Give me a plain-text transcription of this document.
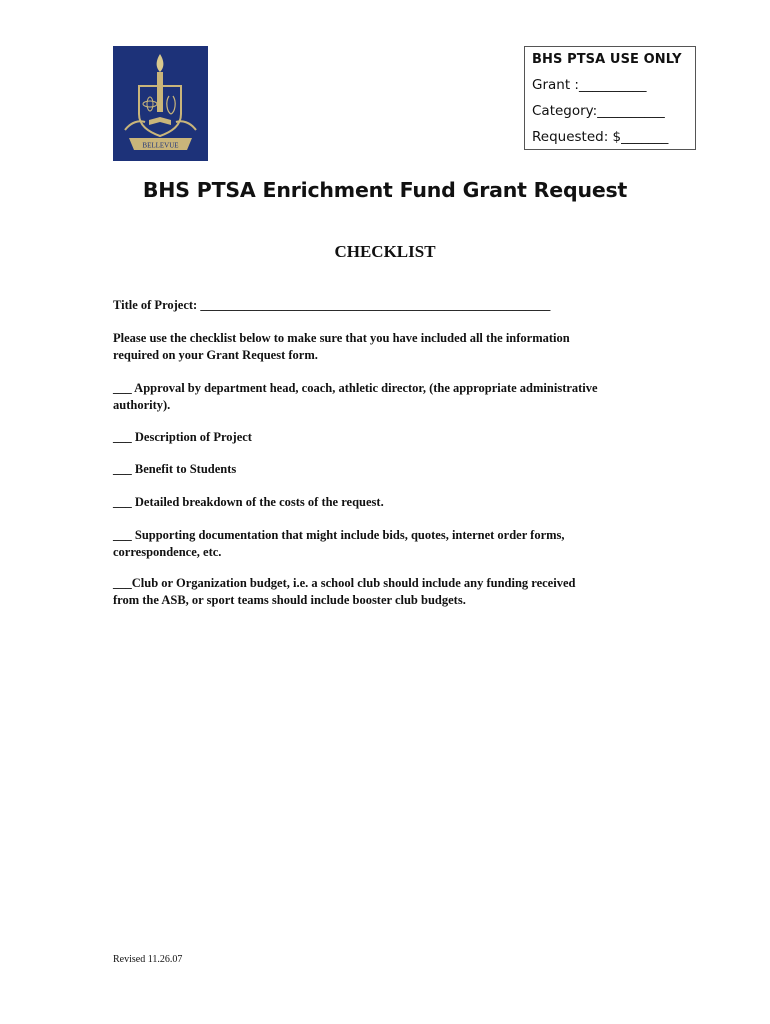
BELLEVUE
BHS PTSA USE ONLY
Grant :__________
Category:__________
Requested: $_______
BHS PTSA Enrichment Fund Grant Request
CHECKLIST
Title of Project: ________________________________________________________
Please use the checklist below to make sure that you have included all the information
required on your Grant Request form.
___ Approval by department head, coach, athletic director, (the appropriate administrative
authority).
___ Description of Project
___ Benefit to Students
___ Detailed breakdown of the costs of the request.
___ Supporting documentation that might include bids, quotes, internet order forms,
correspondence, etc.
___Club or Organization budget, i.e. a school club should include any funding received
from the ASB, or sport teams should include booster club budgets.
Revised 11.26.07
